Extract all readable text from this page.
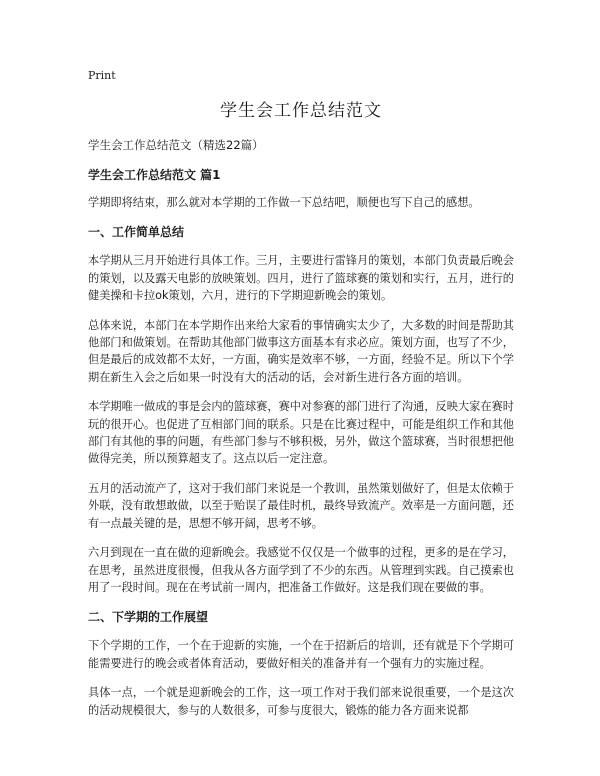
Print
学生会工作总结范文
学生会工作总结范文（精选22篇）
学生会工作总结范文 篇1

学期即将结束，那么就对本学期的工作做一下总结吧，顺便也写下自己的感想。

一、工作简单总结

本学期从三月开始进行具体工作。三月，主要进行雷锋月的策划，本部门负责最后晚会的策划，以及露天电影的放映策划。四月，进行了篮球赛的策划和实行，五月，进行的健美操和卡拉ok策划，六月，进行的下学期迎新晚会的策划。

总体来说，本部门在本学期作出来给大家看的事情确实太少了，大多数的时间是帮助其他部门和做策划。在帮助其他部门做事这方面基本有求必应。策划方面，也写了不少，但是最后的成效都不太好，一方面，确实是效率不够，一方面，经验不足。所以下个学期在新生入会之后如果一时没有大的活动的话，会对新生进行各方面的培训。

本学期唯一做成的事是会内的篮球赛，赛中对参赛的部门进行了沟通，反映大家在赛时玩的很开心。也促进了互相部门间的联系。只是在比赛过程中，可能是组织工作和其他部门有其他的事的问题，有些部门参与不够积极，另外，做这个篮球赛，当时很想把他做得完美，所以预算超支了。这点以后一定注意。

五月的活动流产了，这对于我们部门来说是一个教训，虽然策划做好了，但是太依赖于外联，没有敢想敢做，以至于贻误了最佳时机，最终导致流产。效率是一方面问题，还有一点最关键的是，思想不够开阔，思考不够。

六月到现在一直在做的迎新晚会。我感觉不仅仅是一个做事的过程，更多的是在学习，在思考，虽然进度很慢，但我从各方面学到了不少的东西。从管理到实践。自己摸索也用了一段时间。现在在考试前一周内，把准备工作做好。这是我们现在要做的事。

二、下学期的工作展望

下个学期的工作，一个在于迎新的实施，一个在于招新后的培训，还有就是下个学期可能需要进行的晚会或者体育活动，要做好相关的准备并有一个强有力的实施过程。

具体一点，一个就是迎新晚会的工作，这一项工作对于我们部来说很重要，一个是这次的活动规模很大，参与的人数很多，可参与度很大，锻炼的能力各方面来说都
